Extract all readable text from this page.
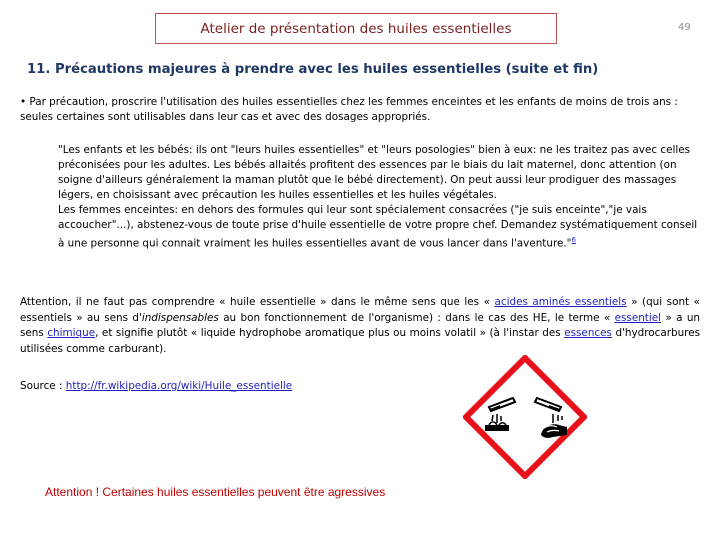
Atelier de présentation des huiles essentielles	49
11. Précautions majeures à prendre avec les huiles essentielles (suite et fin)
• Par précaution, proscrire l'utilisation des huiles essentielles chez les femmes enceintes et les enfants de moins de trois ans : seules certaines sont utilisables dans leur cas et avec des dosages appropriés.
"Les enfants et les bébés: ils ont "leurs huiles essentielles" et "leurs posologies" bien à eux: ne les traitez pas avec celles préconisées pour les adultes. Les bébés allaités profitent des essences par le biais du lait maternel, donc attention (on soigne d'ailleurs généralement la maman plutôt que le bébé directement). On peut aussi leur prodiguer des massages légers, en choisissant avec précaution les huiles essentielles et les huiles végétales.
Les femmes enceintes: en dehors des formules qui leur sont spécialement consacrées ("je suis enceinte","je vais accoucher"...), abstenez-vous de toute prise d'huile essentielle de votre propre chef. Demandez systématiquement conseil à une personne qui connait vraiment les huiles essentielles avant de vous lancer dans l'aventure."$^6$
Attention, il ne faut pas comprendre « huile essentielle » dans le même sens que les « acides aminés essentiels » (qui sont « essentiels » au sens d'indispensables au bon fonctionnement de l'organisme) : dans le cas des HE, le terme « essentiel » a un sens chimique, et signifie plutôt « liquide hydrophobe aromatique plus ou moins volatil » (à l'instar des essences d'hydrocarbures utilisées comme carburant).
Source : http://fr.wikipedia.org/wiki/Huile_essentielle
Attention ! Certaines huiles essentielles peuvent être agressives
